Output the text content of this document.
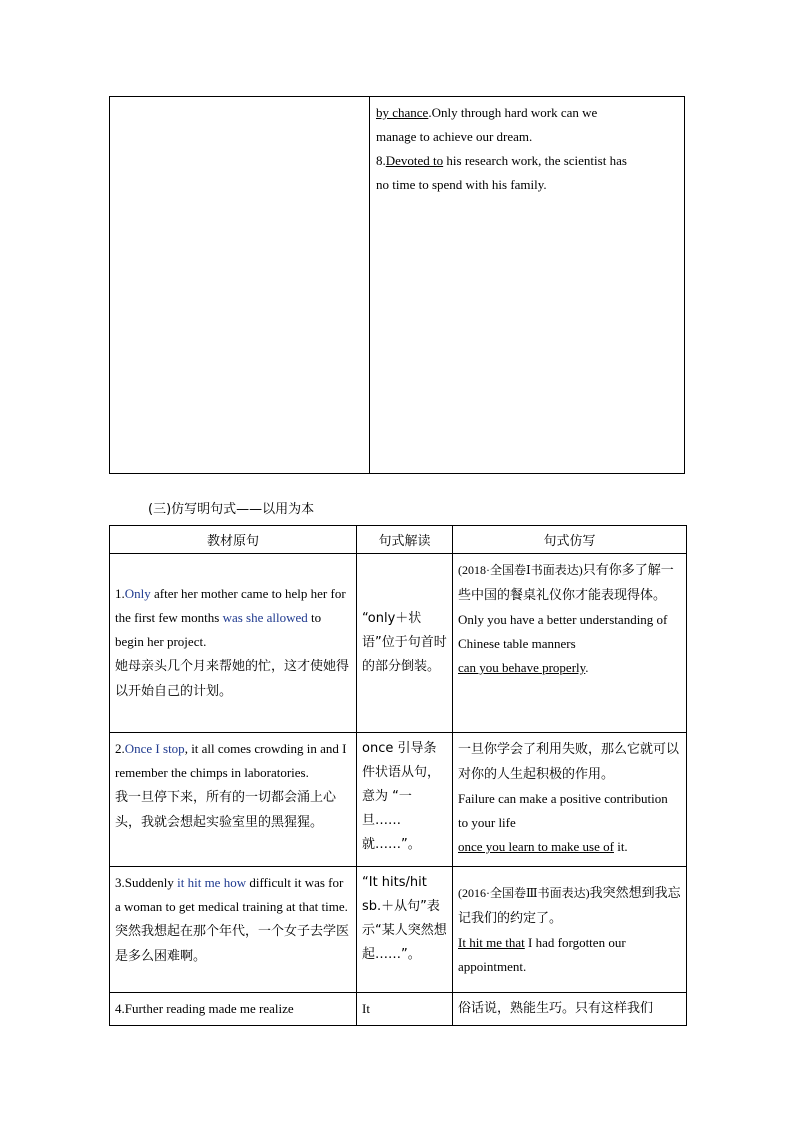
by chance.Only through hard work can we
manage to achieve our dream.
8.Devoted to his research work, the scientist has
no time to spend with his family.
(三)仿写明句式——以用为本
教材原句	句式解读	句式仿写
1.Only after her mother came to help her for the first few months was she allowed to begin her project.
她母亲头几个月来帮她的忙，这才使她得以开始自己的计划。	“only＋状语”位于句首时的部分倒装。	(2018·全国卷Ⅰ书面表达)只有你多了解一些中国的餐桌礼仪你才能表现得体。
Only you have a better understanding of Chinese table manners
can you behave properly.
2.Once I stop, it all comes crowding in and I remember the chimps in laboratories.
我一旦停下来，所有的一切都会涌上心头，我就会想起实验室里的黑猩猩。	once 引导条件状语从句，意为 “一旦……就……”。	一旦你学会了利用失败，那么它就可以对你的人生起积极的作用。
Failure can make a positive contribution to your life
once you learn to make use of it.
3.Suddenly it hit me how difficult it was for a woman to get medical training at that time.
突然我想起在那个年代，一个女子去学医是多么困难啊。	“It hits/hit sb.＋从句”表示“某人突然想起……”。	(2016·全国卷Ⅲ书面表达)我突然想到我忘记我们的约定了。
It hit me that I had forgotten our appointment.
4.Further reading made me realize	It	俗话说，熟能生巧。只有这样我们
